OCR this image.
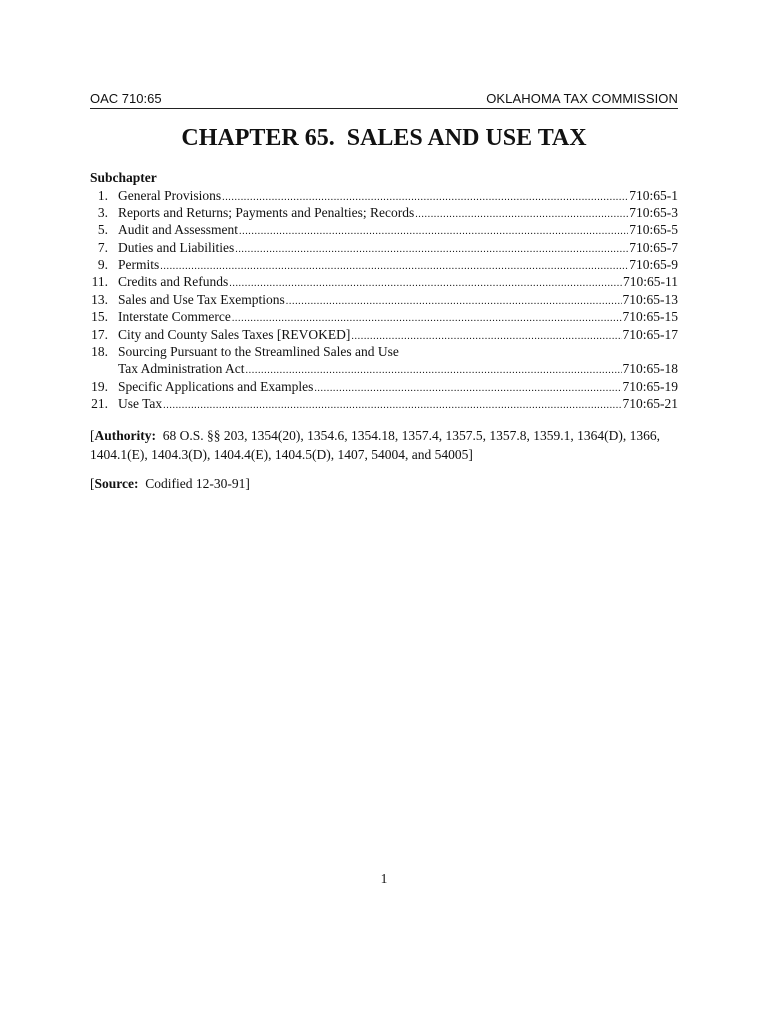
OAC 710:65	OKLAHOMA TAX COMMISSION
CHAPTER 65.  SALES AND USE TAX
Subchapter
1. General Provisions .....	710:65-1
3. Reports and Returns; Payments and Penalties; Records .....	710:65-3
5. Audit and Assessment .....	710:65-5
7. Duties and Liabilities .....	710:65-7
9. Permits .....	710:65-9
11. Credits and Refunds .....	710:65-11
13. Sales and Use Tax Exemptions .....	710:65-13
15. Interstate Commerce .....	710:65-15
17. City and County Sales Taxes [REVOKED] .....	710:65-17
18. Sourcing Pursuant to the Streamlined Sales and Use
Tax Administration Act .....	710:65-18
19. Specific Applications and Examples .....	710:65-19
21. Use Tax .....	710:65-21
[Authority: 68 O.S. §§ 203, 1354(20), 1354.6, 1354.18, 1357.4, 1357.5, 1357.8, 1359.1, 1364(D), 1366, 1404.1(E), 1404.3(D), 1404.4(E), 1404.5(D), 1407, 54004, and 54005]
[Source: Codified 12-30-91]
1
